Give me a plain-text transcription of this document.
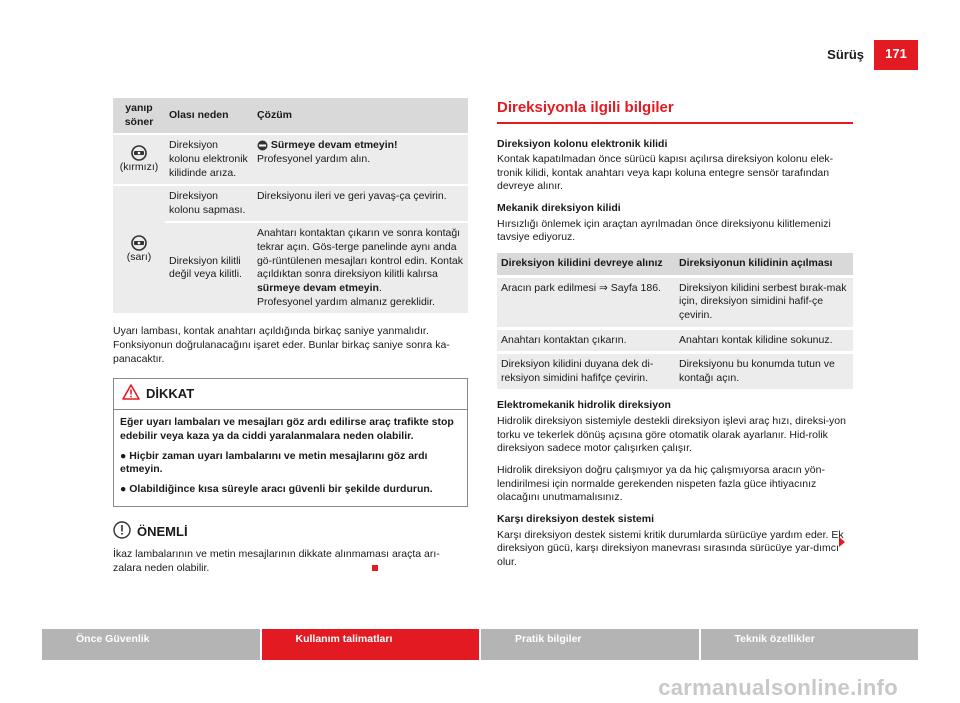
Sürüş	171
yanıp söner	Olası neden	Çözüm

(kırmızı)	Direksiyon kolonu elektronik kilidinde arıza.	Sürmeye devam etmeyin!
Profesyonel yardım alın.

(sarı)	Direksiyon kolonu sapması.	Direksiyonu ileri ve geri yavaş-ça çevirin.
	Direksiyon kilitli değil veya kilitli.	Anahtarı kontaktan çıkarın ve sonra kontağı tekrar açın. Gös-terge panelinde aynı anda gö-rüntülenen mesajları kontrol edin. Kontak açıldıktan sonra direksiyon kilitli kalırsa
sürmeye devam etmeyin.
Profesyonel yardım almanız gereklidir.

Uyarı lambası, kontak anahtarı açıldığında birkaç saniye yanmalıdır. Fonksiyonun doğrulanacağını işaret eder. Bunlar birkaç saniye sonra ka-panacaktır.

DİKKAT

Eğer uyarı lambaları ve mesajları göz ardı edilirse araç trafikte stop edebilir veya kaza ya da ciddi yaralanmalara neden olabilir.

● Hiçbir zaman uyarı lambalarını ve metin mesajlarını göz ardı etmeyin.

● Olabildiğince kısa süreyle aracı güvenli bir şekilde durdurun.

ÖNEMLİ

İkaz lambalarının ve metin mesajlarının dikkate alınmaması araçta arı-zalara neden olabilir.

Direksiyonla ilgili bilgiler
Direksiyon kolonu elektronik kilidi

Kontak kapatılmadan önce sürücü kapısı açılırsa direksiyon kolonu elek-tronik kilidi, kontak anahtarı veya kapı koluna entegre sensör tarafından devreye alınır.

Mekanik direksiyon kilidi

Hırsızlığı önlemek için araçtan ayrılmadan önce direksiyonu kilitlemenizi tavsiye ediyoruz.

Direksiyon kilidini devreye alınız	Direksiyonun kilidinin açılması
Aracın park edilmesi ⇒ Sayfa 186.	Direksiyon kilidini serbest bırak-mak için, direksiyon simidini hafif-çe çevirin.
Anahtarı kontaktan çıkarın.	Anahtarı kontak kilidine sokunuz.
Direksiyon kilidini duyana dek di-reksiyon simidini hafifçe çevirin.	Direksiyonu bu konumda tutun ve kontağı açın.
Elektromekanik hidrolik direksiyon

Hidrolik direksiyon sistemiyle destekli direksiyon işlevi araç hızı, direksi-yon torku ve tekerlek dönüş açısına göre otomatik olarak ayarlanır. Hid-rolik direksiyon sadece motor çalışırken çalışır.

Hidrolik direksiyon doğru çalışmıyor ya da hiç çalışmıyorsa aracın yön-lendirilmesi için normalde gerekenden nispeten fazla güce ihtiyacınız olacağını unutmamalısınız.

Karşı direksiyon destek sistemi

Karşı direksiyon destek sistemi kritik durumlarda sürücüye yardım eder. Ek direksiyon gücü, karşı direksiyon manevrası sırasında sürücüye yar-dımcı olur.

Önce Güvenlik	Kullanım talimatları	Pratik bilgiler	Teknik özellikler
carmanualsonline.info
